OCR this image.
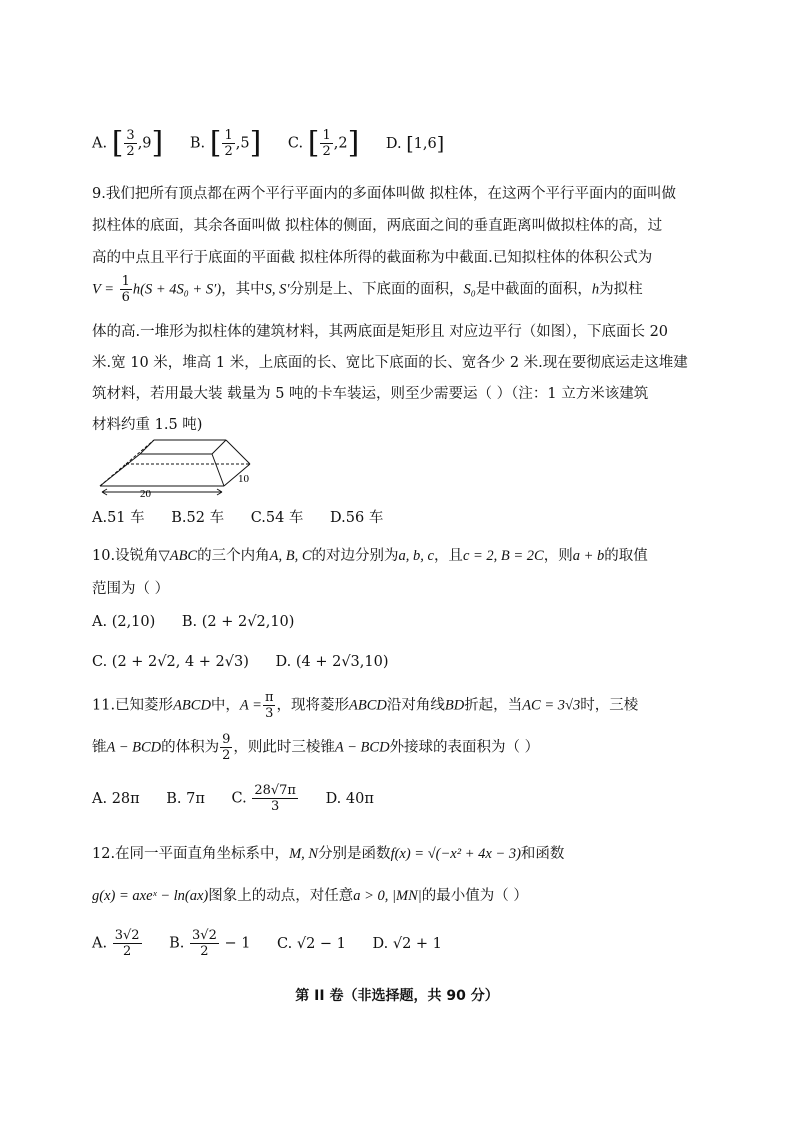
A. [ $\frac{3}{2} ,9$] B. [ $\frac{1}{2} ,5$] C. [ $\frac{1}{2} ,2$] D. [1,6]
9.我们把所有顶点都在两个平行平面内的多面体叫做 拟柱体，在这两个平行平面内的面叫做
拟柱体的底面，其余各面叫做 拟柱体的侧面，两底面之间的垂直距离叫做拟柱体的高，过
高的中点且平行于底面的平面截 拟柱体所得的截面称为中截面.已知拟柱体的体积公式为
$V = \frac{1}{6} h(S + 4S_0 + S')$，其中S, S′分别是上、下底面的面积，S₀是中截面的面积，h为拟柱
体的高.一堆形为拟柱体的建筑材料，其两底面是矩形且 对应边平行（如图），下底面长 20
米.宽 10 米，堆高 1 米，上底面的长、宽比下底面的长、宽各少 2 米.现在要彻底运走这堆建
筑材料，若用最大装 载量为 5 吨的卡车装运，则至少需要运（ ）（注：1 立方米该建筑
材料约重 1.5 吨)
20
10
A.51 车 B.52 车 C.54 车 D.56 车
10.设锐角▽ABC的三个内角A, B, C的对边分别为a, b, c，且c = 2, B = 2C，则a + b的取值
范围为（ ）
A. (2,10) B. (2 + 2√2,10)
C. (2 + 2√2, 4 + 2√3) D. (4 + 2√3,10)
11.已知菱形ABCD中，$A = \frac{\pi}{3}$ ，现将菱形ABCD沿对角线BD折起，当AC = 3√3时，三棱
锥A − BCD的体积为 $\frac{9}{2}$ ，则此时三棱锥A − BCD外接球的表面积为（ ）
A. 28π B. 7π C. $\frac{28√7\pi}{3} D$. 40π
12.在同一平面直角坐标系中，M, N分别是函数f(x) = √(−x² + 4x − 3)和函数
g(x) = axeˣ − ln(ax)图象上的动点，对任意a > 0, |MN|的最小值为（ ）
A. $\frac{3√2}{2} B$. $\frac{3√2}{2} - 1$ C. √2 − 1 D. √2 + 1
第 II 卷（非选择题，共 90 分）
